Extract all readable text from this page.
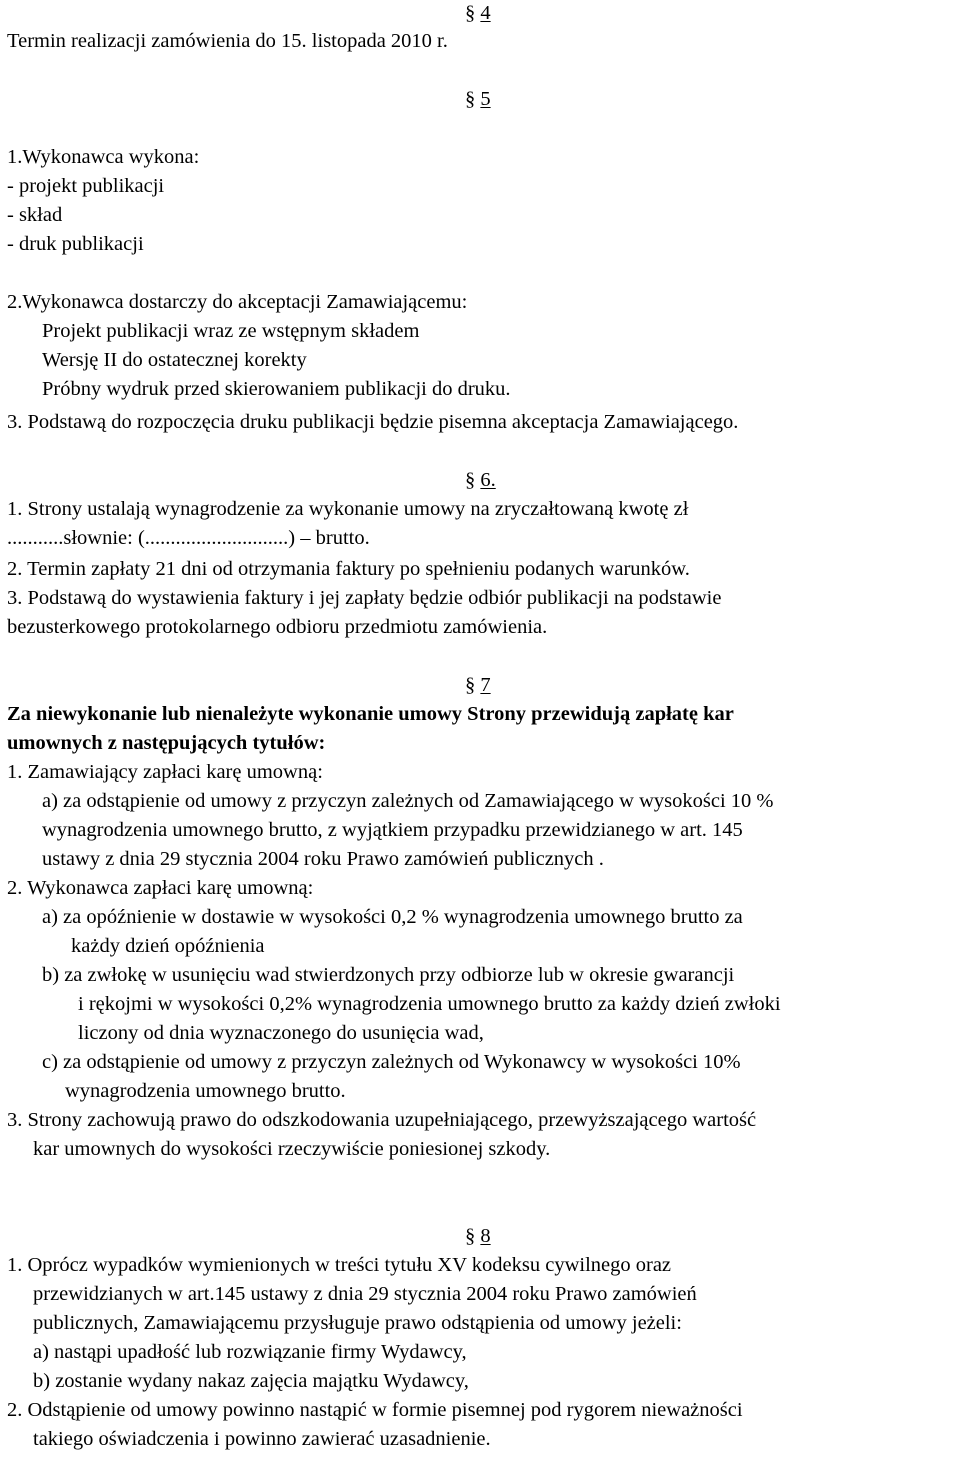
§ 4
Termin realizacji zamówienia do 15. listopada 2010 r.
§ 5
1.Wykonawca wykona:
- projekt publikacji
- skład
- druk publikacji
2.Wykonawca dostarczy do akceptacji Zamawiającemu:
Projekt publikacji wraz ze wstępnym składem
Wersję II do ostatecznej korekty
Próbny wydruk przed skierowaniem publikacji do druku.
3. Podstawą do rozpoczęcia druku publikacji będzie pisemna akceptacja Zamawiającego.
§ 6.
1. Strony ustalają wynagrodzenie za wykonanie umowy na zryczałtowaną kwotę zł
...........słownie: (............................) – brutto.
2. Termin zapłaty 21 dni od otrzymania faktury po spełnieniu podanych warunków.
3. Podstawą do wystawienia faktury i jej zapłaty będzie odbiór publikacji na podstawie
bezusterkowego protokolarnego odbioru przedmiotu zamówienia.
§ 7
Za niewykonanie lub nienależyte wykonanie umowy Strony przewidują zapłatę kar
umownych z następujących tytułów:
1. Zamawiający zapłaci karę umowną:
a) za odstąpienie od umowy z przyczyn zależnych od Zamawiającego w wysokości 10 %
wynagrodzenia umownego brutto, z wyjątkiem przypadku przewidzianego w art. 145
ustawy z dnia 29 stycznia 2004 roku Prawo zamówień publicznych .
2. Wykonawca zapłaci karę umowną:
a) za opóźnienie w dostawie w wysokości 0,2 % wynagrodzenia umownego brutto za
każdy dzień opóźnienia
b) za zwłokę w usunięciu wad stwierdzonych przy odbiorze lub w okresie gwarancji
i rękojmi w wysokości 0,2% wynagrodzenia umownego brutto za każdy dzień zwłoki
liczony od dnia wyznaczonego do usunięcia wad,
c) za odstąpienie od umowy z przyczyn zależnych od Wykonawcy w wysokości 10%
wynagrodzenia umownego brutto.
3. Strony zachowują prawo do odszkodowania uzupełniającego, przewyższającego wartość
kar umownych do wysokości rzeczywiście poniesionej szkody.
§ 8
1. Oprócz wypadków wymienionych w treści tytułu XV kodeksu cywilnego oraz
przewidzianych w art.145 ustawy z dnia 29 stycznia 2004 roku Prawo zamówień
publicznych, Zamawiającemu przysługuje prawo odstąpienia od umowy jeżeli:
a) nastąpi upadłość lub rozwiązanie firmy Wydawcy,
b) zostanie wydany nakaz zajęcia majątku Wydawcy,
2. Odstąpienie od umowy powinno nastąpić w formie pisemnej pod rygorem nieważności
takiego oświadczenia i powinno zawierać uzasadnienie.
